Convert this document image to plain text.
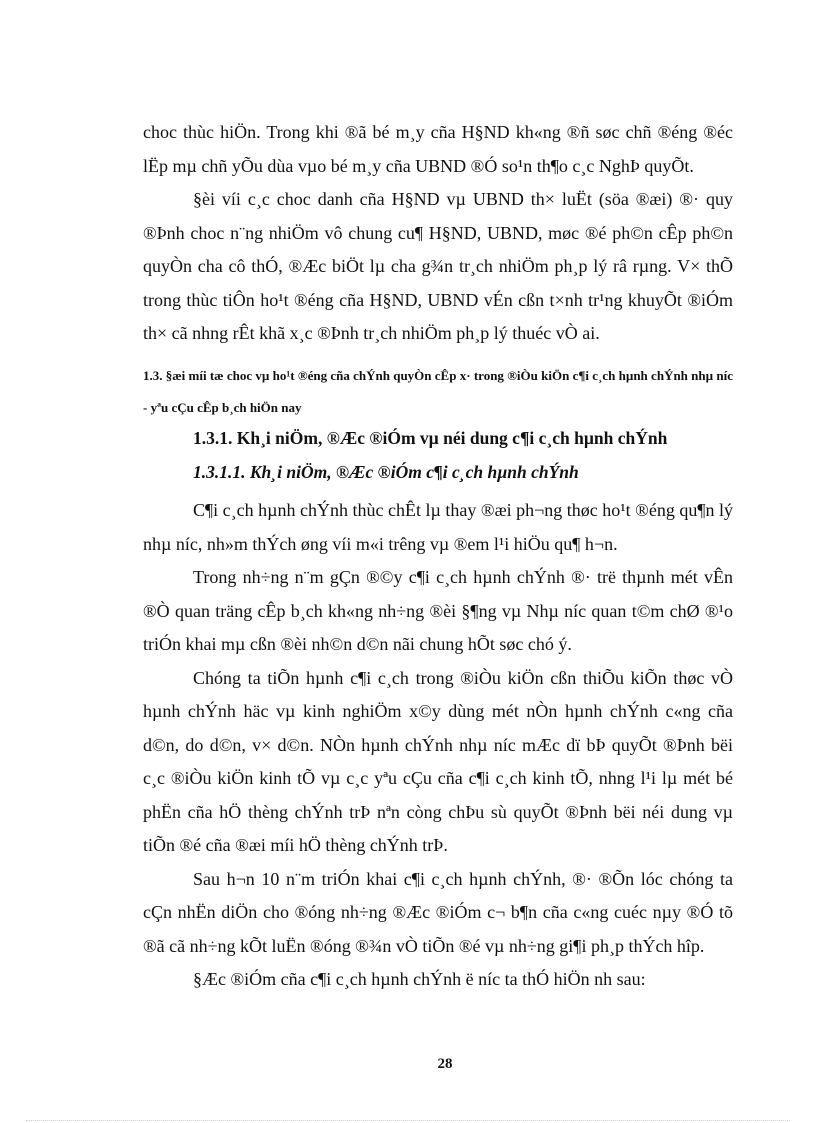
choc thùc hiÖn. Trong khi ®ã bé m¸y cña H§ND kh«ng ®ñ søc chñ ®éng ®éc lËp mµ chñ yÕu dùa vµo bé m¸y cña UBND ®Ó so¹n th¶o c¸c NghÞ quyÕt.

§èi víi c¸c choc danh cña H§ND vµ UBND th× luËt (söa ®æi) ®· quy ®Þnh choc n¨ng nhiÖm vô chung cu¶ H§ND, UBND, møc ®é ph©n cÊp ph©n quyÒn cha cô thÓ, ®Æc biÖt lµ cha g¾n tr¸ch nhiÖm ph¸p lý râ rµng. V× thÕ trong thùc tiÔn ho¹t ®éng cña H§ND, UBND vÉn cßn t×nh tr¹ng khuyÕt ®iÓm th× cã nhng rÊt khã x¸c ®Þnh tr¸ch nhiÖm ph¸p lý thuéc vÒ ai.

1.3. §æi míi tæ choc vµ ho¹t ®éng cña chÝnh quyÒn cÊp x· trong ®iÒu kiÖn c¶i c¸ch hµnh chÝnh nhµ níc - yªu cÇu cÊp b¸ch hiÖn nay
1.3.1. Kh¸i niÖm, ®Æc ®iÓm vµ néi dung c¶i c¸ch hµnh chÝnh
1.3.1.1. Kh¸i niÖm, ®Æc ®iÓm c¶i c¸ch hµnh chÝnh

C¶i c¸ch hµnh chÝnh thùc chÊt lµ thay ®æi ph¬ng thøc ho¹t ®éng qu¶n lý nhµ níc, nh»m thÝch øng víi m«i trêng vµ ®em l¹i hiÖu qu¶ h¬n.

Trong nh÷ng n¨m gÇn ®©y c¶i c¸ch hµnh chÝnh ®· trë thµnh mét vÊn ®Ò quan träng cÊp b¸ch kh«ng nh÷ng ®èi §¶ng vµ Nhµ níc quan t©m chØ ®¹o triÓn khai mµ cßn ®èi nh©n d©n nãi chung hÕt søc chó ý.

Chóng ta tiÕn hµnh c¶i c¸ch trong ®iÒu kiÖn cßn thiÕu kiÕn thøc vÒ hµnh chÝnh häc vµ kinh nghiÖm x©y dùng mét nÒn hµnh chÝnh c«ng cña d©n, do d©n, v× d©n. NÒn hµnh chÝnh nhµ níc mÆc dï bÞ quyÕt ®Þnh bëi c¸c ®iÒu kiÖn kinh tÕ vµ c¸c yªu cÇu cña c¶i c¸ch kinh tÕ, nhng l¹i lµ mét bé phËn cña hÖ thèng chÝnh trÞ nªn còng chÞu sù quyÕt ®Þnh bëi néi dung vµ tiÕn ®é cña ®æi míi hÖ thèng chÝnh trÞ.

Sau h¬n 10 n¨m triÓn khai c¶i c¸ch hµnh chÝnh, ®· ®Õn lóc chóng ta cÇn nhËn diÖn cho ®óng nh÷ng ®Æc ®iÓm c¬ b¶n cña c«ng cuéc nµy ®Ó tõ ®ã cã nh÷ng kÕt luËn ®óng ®¾n vÒ tiÕn ®é vµ nh÷ng gi¶i ph¸p thÝch hîp.

§Æc ®iÓm cña c¶i c¸ch hµnh chÝnh ë níc ta thÓ hiÖn nh sau:

28
